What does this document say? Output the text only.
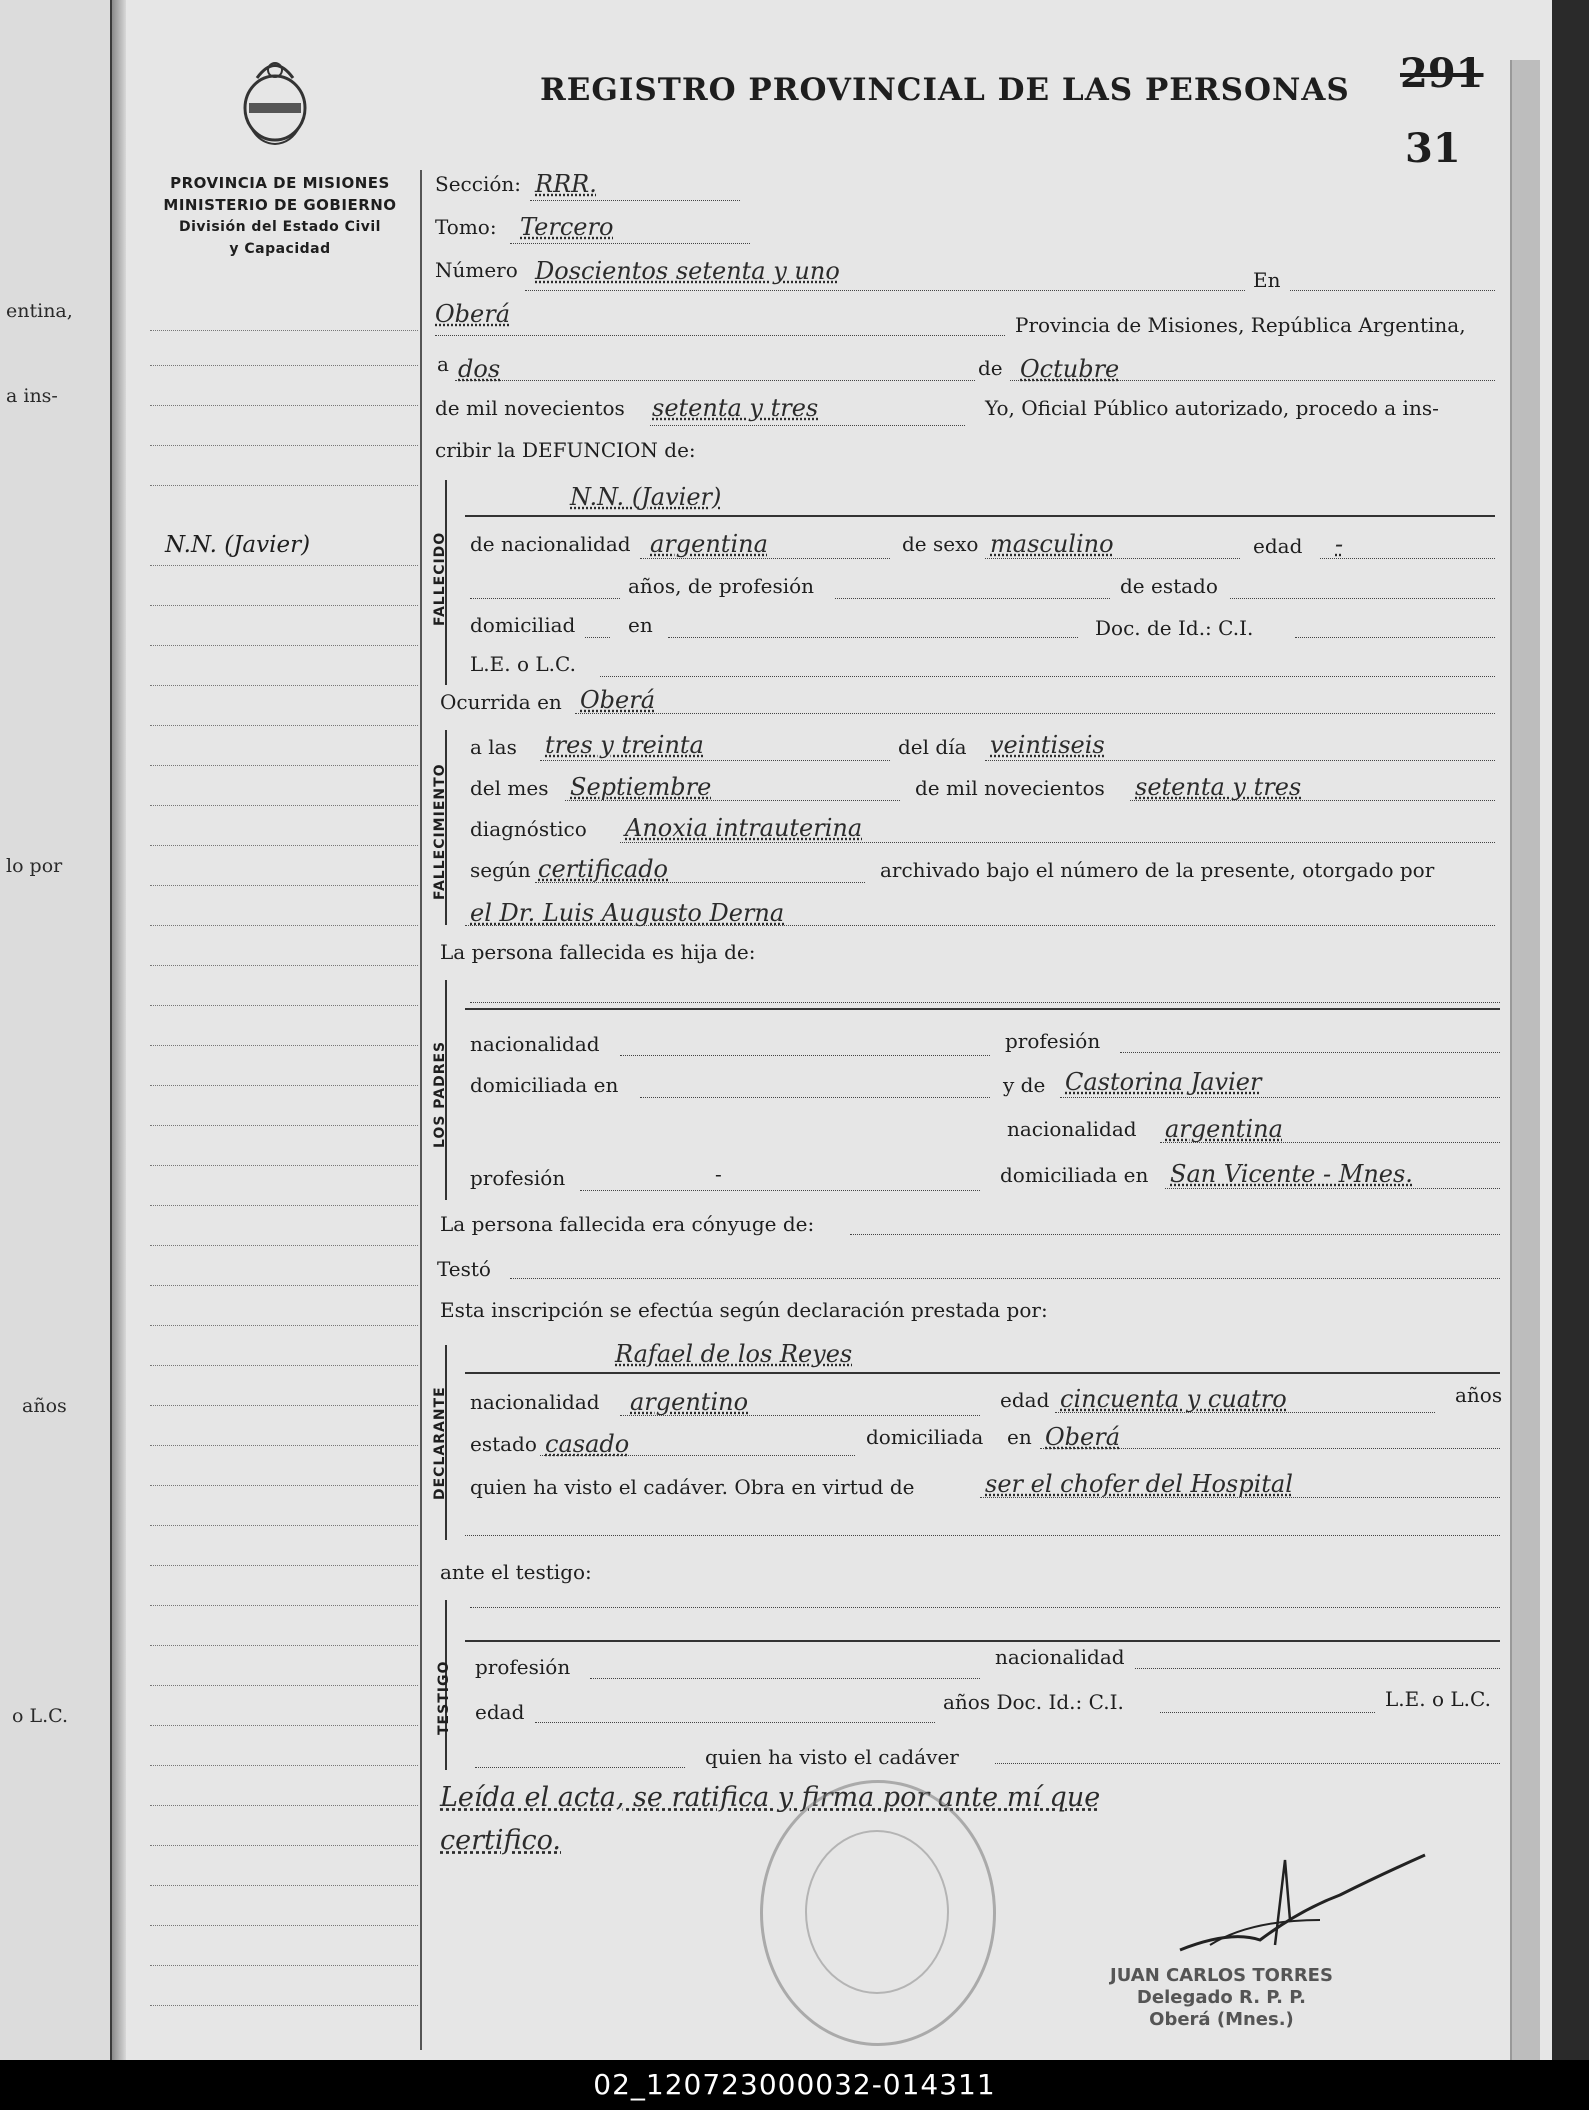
entina,
a ins-
lo por
años
o L.C.
PROVINCIA DE MISIONES
MINISTERIO DE GOBIERNO
División del Estado Civil
y Capacidad
REGISTRO PROVINCIAL DE LAS PERSONAS 291
31
N.N. (Javier)
Sección: RRR.
Tomo: Tercero
Número Doscientos setenta y uno	En
Oberá	Provincia de Misiones, República Argentina,
a dos	de Octubre
de mil novecientos setenta y tres	Yo, Oficial Público autorizado, procedo a ins-
cribir la DEFUNCION de:
FALLECIDO
N.N. (Javier)
de nacionalidad argentina	de sexo masculino	edad -
años, de profesión	de estado
domiciliad	en	Doc. de Id.: C.I.
L.E. o L.C.
Ocurrida en Oberá
FALLECIMIENTO
a las tres y treinta	del día veintiseis
del mes Septiembre	de mil novecientos setenta y tres
diagnóstico Anoxia intrauterina
según certificado	archivado bajo el número de la presente, otorgado por
el Dr. Luis Augusto Derna
La persona fallecida es hija de:
LOS PADRES nacionalidad	profesión
domiciliada en	y de Castorina Javier
nacionalidad argentina
profesión	-	domiciliada en San Vicente - Mnes.
La persona fallecida era cónyuge de:
Testó
Esta inscripción se efectúa según declaración prestada por:
DECLARANTE
Rafael de los Reyes
nacionalidad argentino	edad cincuenta y cuatro	años
estado casado	domiciliada en Oberá
quien ha visto el cadáver. Obra en virtud de	ser el chofer del Hospital
ante el testigo:
TESTIGO profesión	nacionalidad
edad	años Doc. Id.: C.I.	L.E. o L.C.
quien ha visto el cadáver
Leída el acta, se ratifica y firma por ante mí que
certifico.
JUAN CARLOS TORRES
Delegado R. P. P.
Oberá (Mnes.)
02_120723000032-014311
